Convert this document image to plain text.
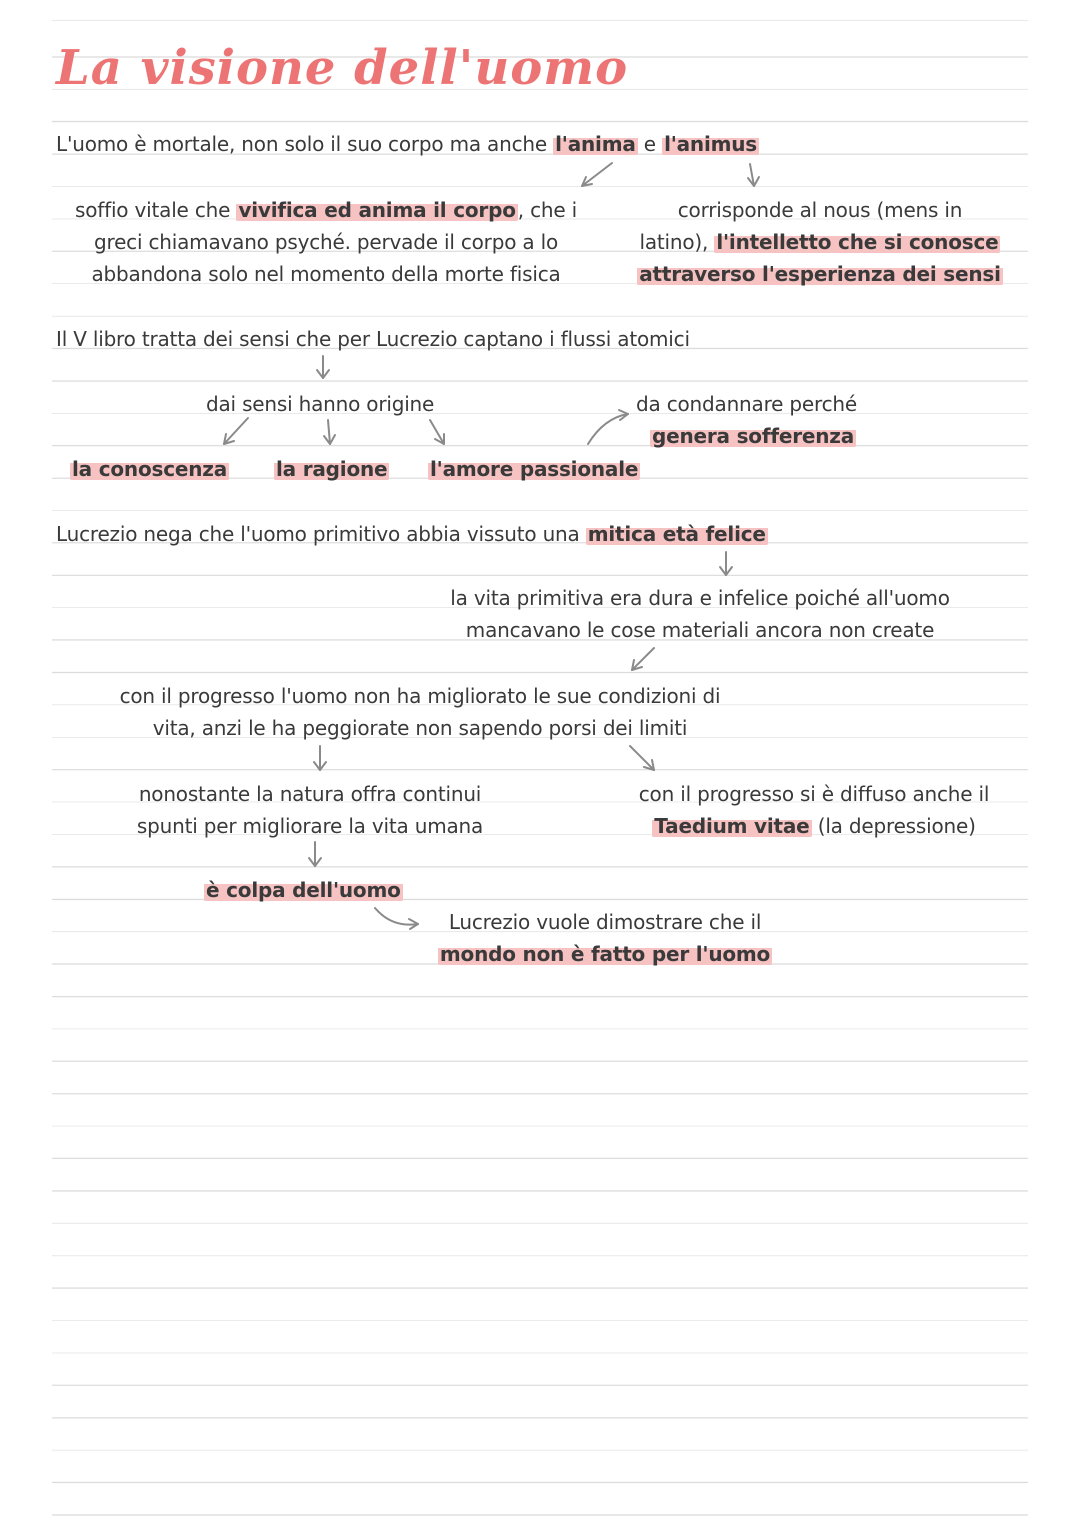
La visione dell'uomo
L'uomo è mortale, non solo il suo corpo ma anche l'anima e l'animus
soffio vitale che vivifica ed anima il corpo , che i
greci chiamavano psyché. pervade il corpo a lo
abbandona solo nel momento della morte fisica
corrisponde al nous (mens in
latino), l'intelletto che si conosce
attraverso l'esperienza dei sensi
Il V libro tratta dei sensi che per Lucrezio captano i flussi atomici
dai sensi hanno origine
la conoscenza la ragione l'amore passionale
da condannare perché
genera sofferenza
Lucrezio nega che l'uomo primitivo abbia vissuto una mitica età felice
la vita primitiva era dura e infelice poiché all'uomo
mancavano le cose materiali ancora non create
con il progresso l'uomo non ha migliorato le sue condizioni di
vita, anzi le ha peggiorate non sapendo porsi dei limiti
nonostante la natura offra continui
spunti per migliorare la vita umana
con il progresso si è diffuso anche il
Taedium vitae (la depressione)
è colpa dell'uomo
Lucrezio vuole dimostrare che il
mondo non è fatto per l'uomo
